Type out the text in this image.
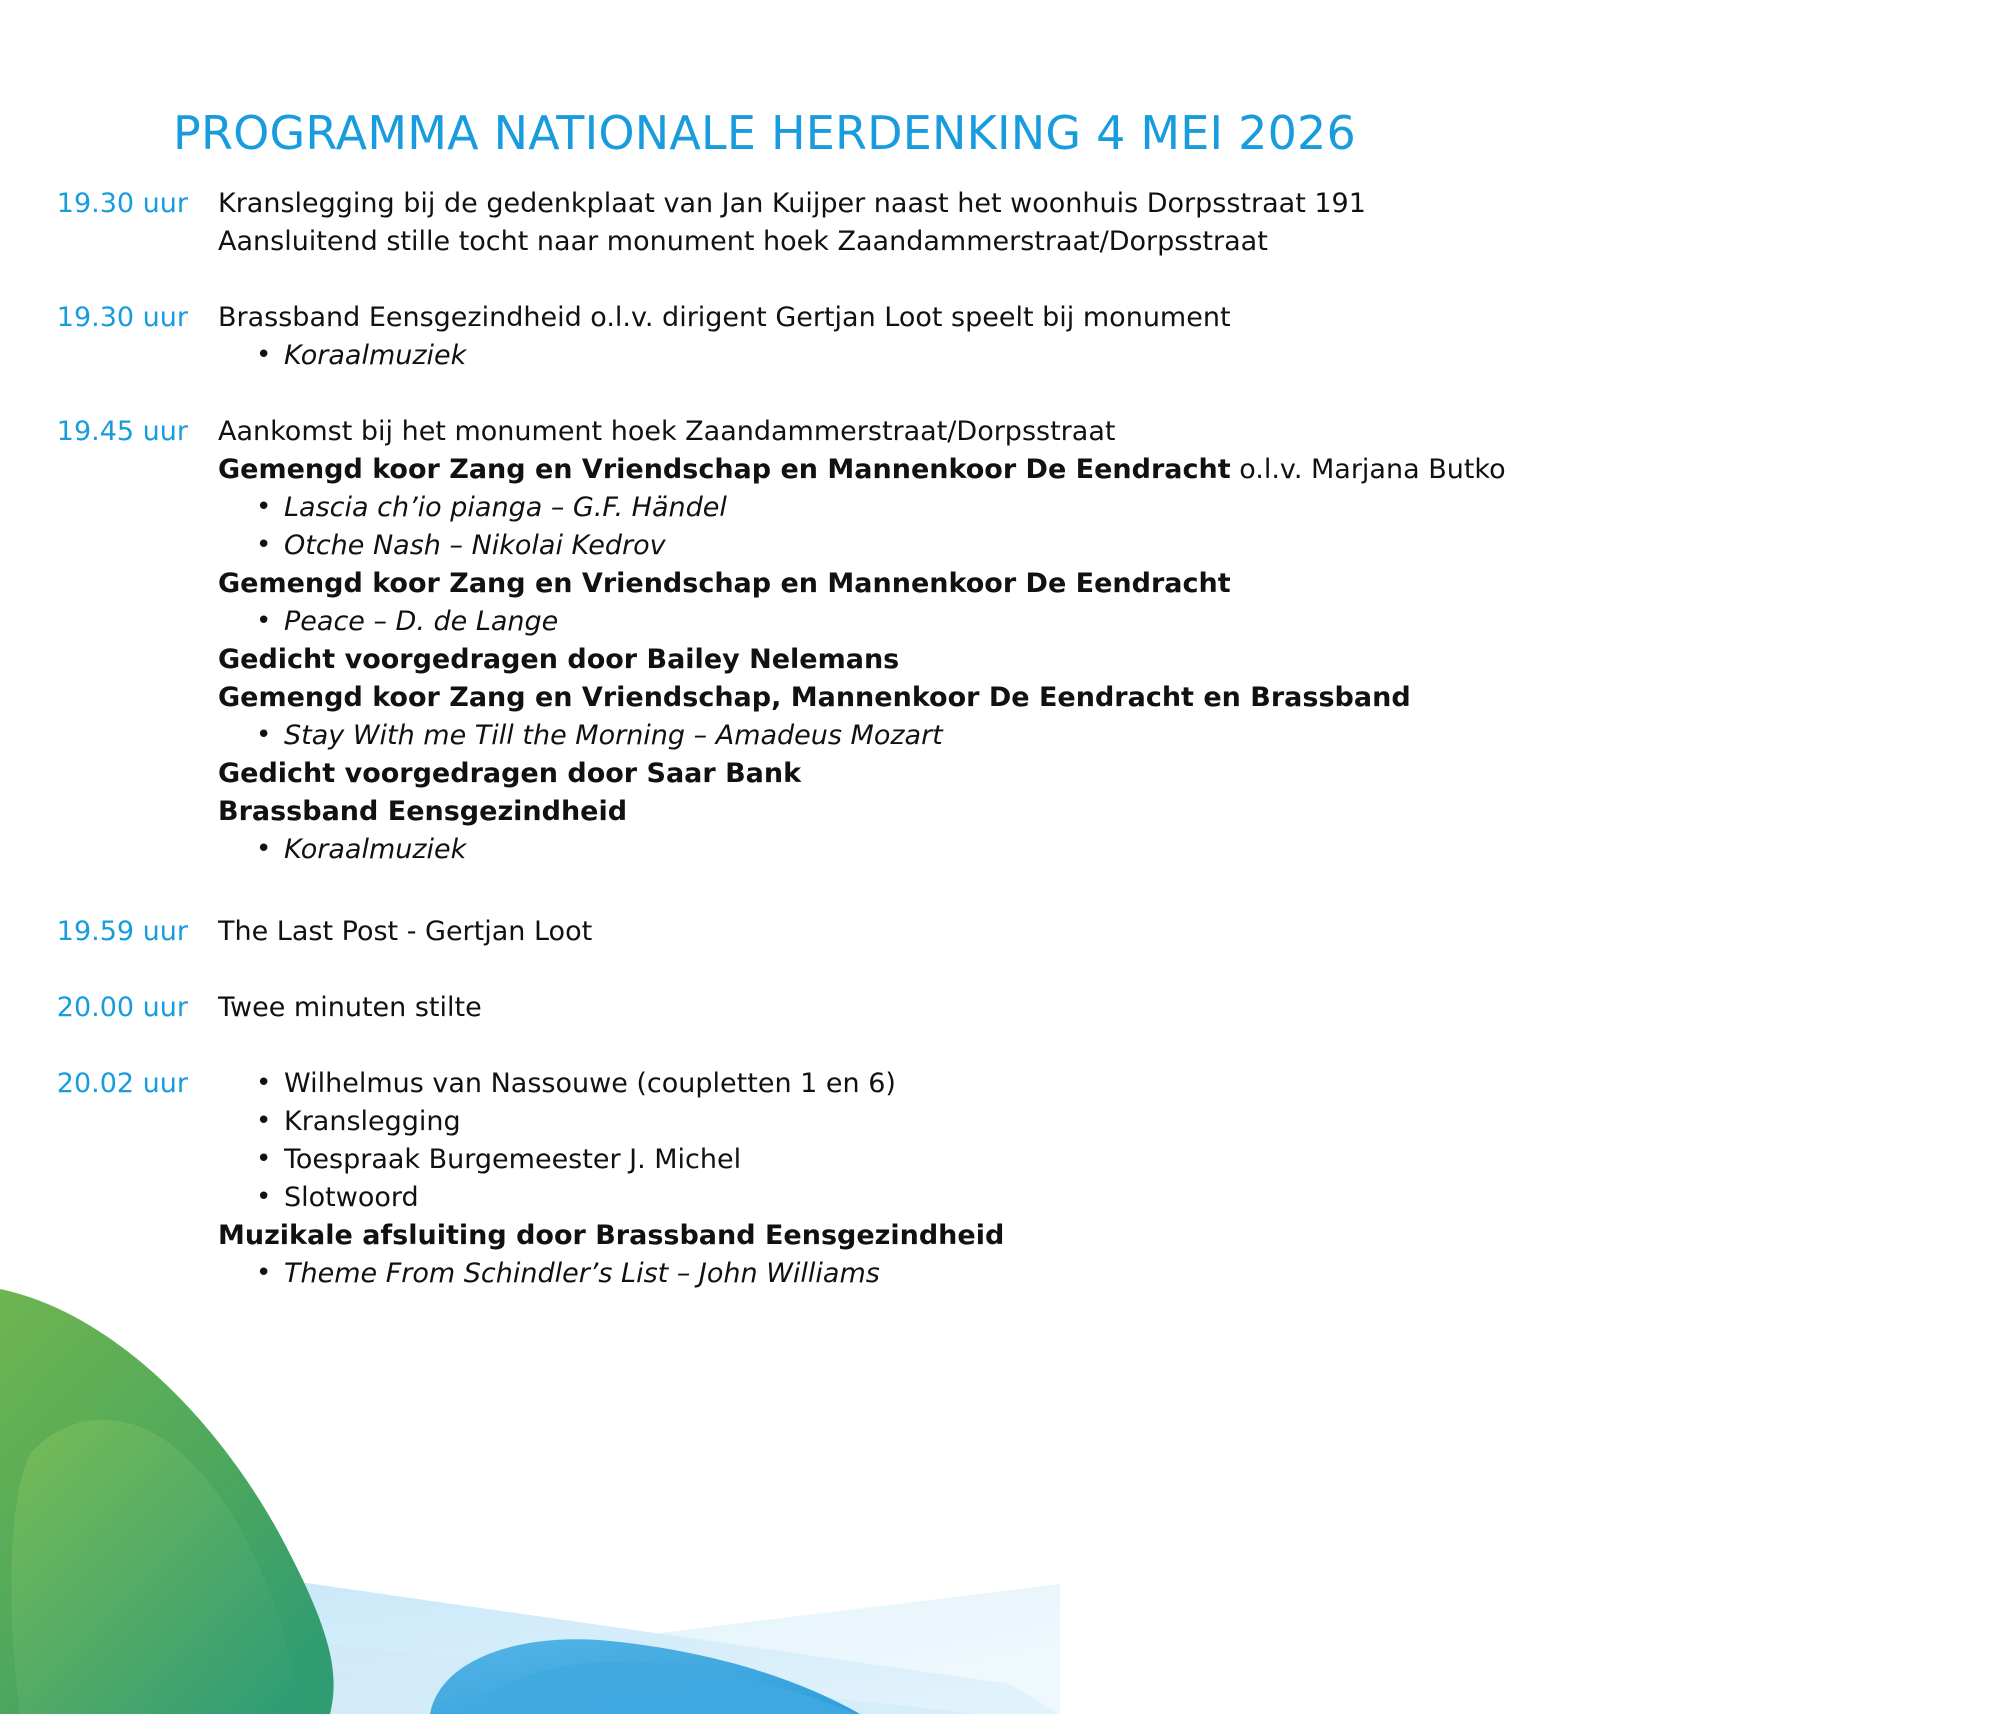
PROGRAMMA NATIONALE HERDENKING 4 MEI 2026
19.30 uur	Kranslegging bij de gedenkplaat van Jan Kuijper naast het woonhuis Dorpsstraat 191
Aansluitend stille tocht naar monument hoek Zaandammerstraat/Dorpsstraat
19.30 uur	Brassband Eensgezindheid o.l.v. dirigent Gertjan Loot speelt bij monument
• Koraalmuziek
19.45 uur	Aankomst bij het monument hoek Zaandammerstraat/Dorpsstraat
Gemengd koor Zang en Vriendschap en Mannenkoor De Eendracht o.l.v. Marjana Butko
• Lascia ch’io pianga – G.F. Händel
• Otche Nash – Nikolai Kedrov
Gemengd koor Zang en Vriendschap en Mannenkoor De Eendracht
• Peace – D. de Lange
Gedicht voorgedragen door Bailey Nelemans
Gemengd koor Zang en Vriendschap, Mannenkoor De Eendracht en Brassband
• Stay With me Till the Morning – Amadeus Mozart
Gedicht voorgedragen door Saar Bank
Brassband Eensgezindheid
• Koraalmuziek
19.59 uur	The Last Post - Gertjan Loot
20.00 uur	Twee minuten stilte
20.02 uur	• Wilhelmus van Nassouwe (coupletten 1 en 6)
• Kranslegging
• Toespraak Burgemeester J. Michel
• Slotwoord
Muzikale afsluiting door Brassband Eensgezindheid
• Theme From Schindler’s List – John Williams
